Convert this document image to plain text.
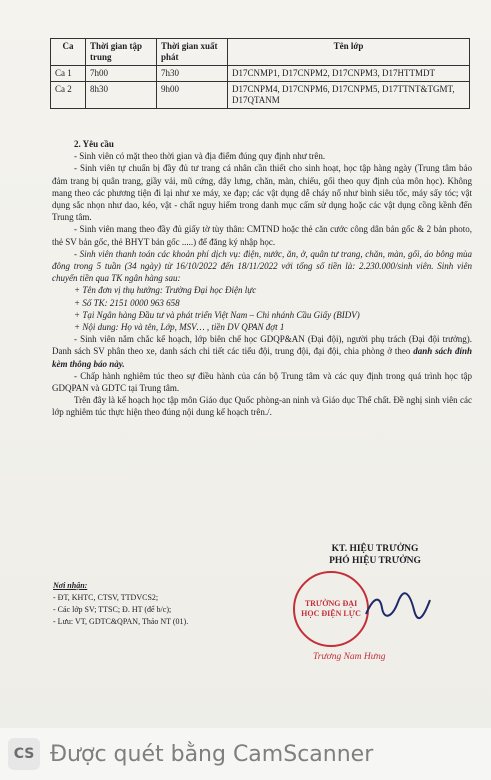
Ca	Thời gian tập trung	Thời gian xuất phát	Tên lớp
Ca 1	7h00	7h30	D17CNMP1, D17CNPM2, D17CNPM3, D17HTTMDT
Ca 2	8h30	9h00	D17CNPM4, D17CNPM6, D17CNPM5, D17TTNT&TGMT, D17QTANM

2. Yêu cầu

- Sinh viên có mặt theo thời gian và địa điểm đúng quy định như trên.

- Sinh viên tự chuẩn bị đầy đủ tư trang cá nhân cần thiết cho sinh hoạt, học tập hàng ngày (Trung tâm bảo đảm trang bị quân trang, giầy vải, mũ cứng, dây lưng, chăn, màn, chiếu, gối theo quy định của môn học). Không mang theo các phương tiện đi lại như xe máy, xe đạp; các vật dụng dễ cháy nổ như bình siêu tốc, máy sấy tóc; vật dụng sắc nhọn như dao, kéo, vật - chất nguy hiểm trong danh mục cấm sử dụng hoặc các vật dụng cồng kềnh đến Trung tâm.

- Sinh viên mang theo đầy đủ giấy tờ tùy thân: CMTND hoặc thẻ căn cước công dân bản gốc & 2 bản photo, thẻ SV bản gốc, thẻ BHYT bản gốc .....) để đăng ký nhập học.

- Sinh viên thanh toán các khoản phí dịch vụ: điện, nước, ăn, ở, quân tư trang, chăn, màn, gối, áo bông mùa đông trong 5 tuần (34 ngày) từ 16/10/2022 đến 18/11/2022 với tổng số tiền là: 2.230.000/sinh viên. Sinh viên chuyển tiền qua TK ngân hàng sau:

+ Tên đơn vị thụ hưởng: Trường Đại học Điện lực

+ Số TK: 2151 0000 963 658

+ Tại Ngân hàng Đầu tư và phát triển Việt Nam – Chi nhánh Cầu Giấy (BIDV)

+ Nội dung: Họ và tên, Lớp, MSV… , tiền DV QPAN đợt 1

- Sinh viên nắm chắc kế hoạch, lớp biên chế học GDQP&AN (Đại đội), người phụ trách (Đại đội trưởng). Danh sách SV phân theo xe, danh sách chi tiết các tiểu đội, trung đội, đại đội, chia phòng ở theo danh sách đính kèm thông báo này.

- Chấp hành nghiêm túc theo sự điều hành của cán bộ Trung tâm và các quy định trong quá trình học tập GDQPAN và GDTC tại Trung tâm.

Trên đây là kế hoạch học tập môn Giáo dục Quốc phòng-an ninh và Giáo dục Thể chất. Đề nghị sinh viên các lớp nghiêm túc thực hiện theo đúng nội dung kế hoạch trên./.

Nơi nhận:
- ĐT, KHTC, CTSV, TTDVCS2;
- Các lớp SV; TTSC; Đ. HT (để b/c);
- Lưu: VT, GDTC&QPAN, Thảo NT (01).
KT. HIỆU TRƯỞNG
PHÓ HIỆU TRƯỞNG
TRƯỜNG ĐẠI HỌC ĐIỆN LỰC
Trương Nam Hưng
CS Được quét bằng CamScanner
